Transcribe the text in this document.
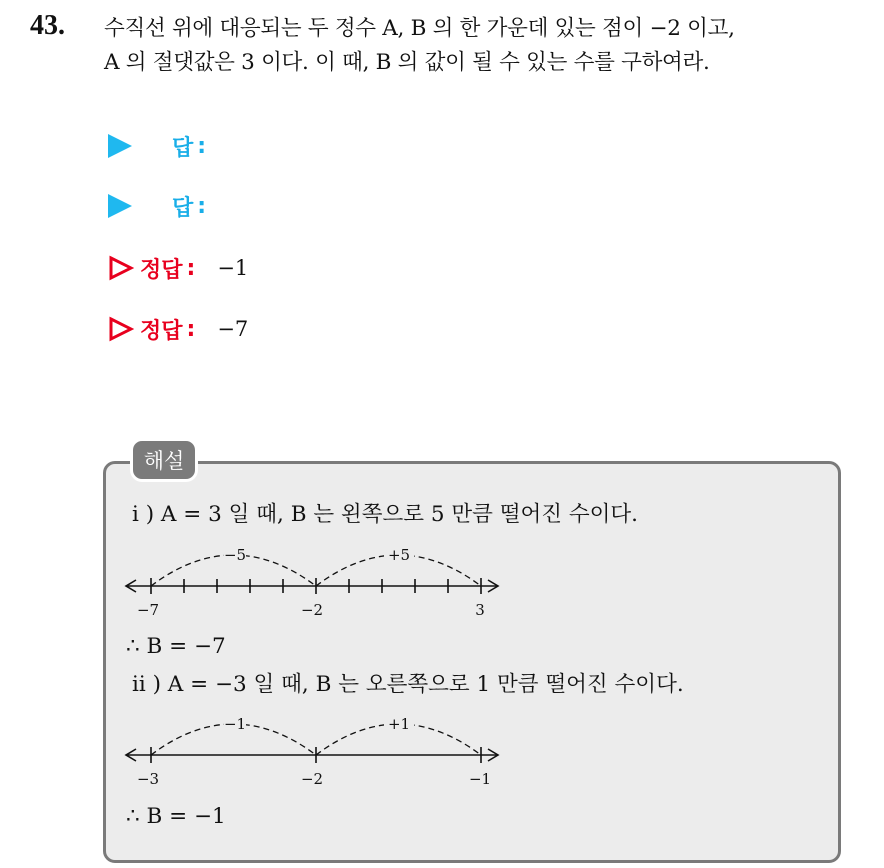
43. 수직선 위에 대응되는 두 정수 A, B 의 한 가운데 있는 점이 −2 이고,
A 의 절댓값은 3 이다. 이 때, B 의 값이 될 수 있는 수를 구하여라.
답 :
답 :
정답 : −1
정답 : −7
해설
i ) A = 3 일 때, B 는 왼쪽으로 5 만큼 떨어진 수이다.
∴ B = −7
ii ) A = −3 일 때, B 는 오른쪽으로 1 만큼 떨어진 수이다.
∴ B = −1
−5	+5
−7	−2	3
−1	+1
−3	−2	−1
